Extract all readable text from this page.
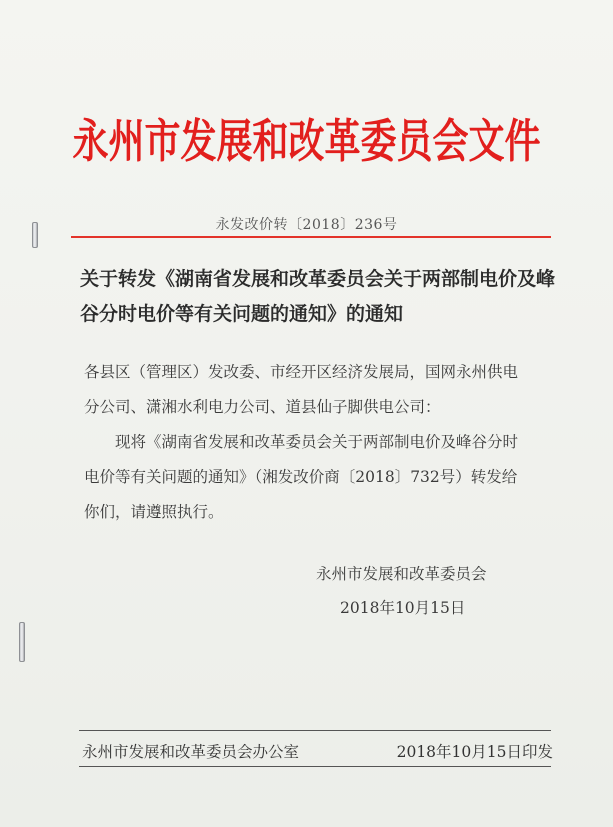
永州市发展和改革委员会文件
永发改价转〔2018〕236号
关于转发《湖南省发展和改革委员会关于两部制电价及峰
谷分时电价等有关问题的通知》的通知
各县区（管理区）发改委、市经开区经济发展局，国网永州供电
分公司、潇湘水利电力公司、道县仙子脚供电公司：
现将《湖南省发展和改革委员会关于两部制电价及峰谷分时
电价等有关问题的通知》（湘发改价商〔2018〕732号）转发给
你们，请遵照执行。
永州市发展和改革委员会
2018年10月15日
永州市发展和改革委员会办公室	2018年10月15日印发
